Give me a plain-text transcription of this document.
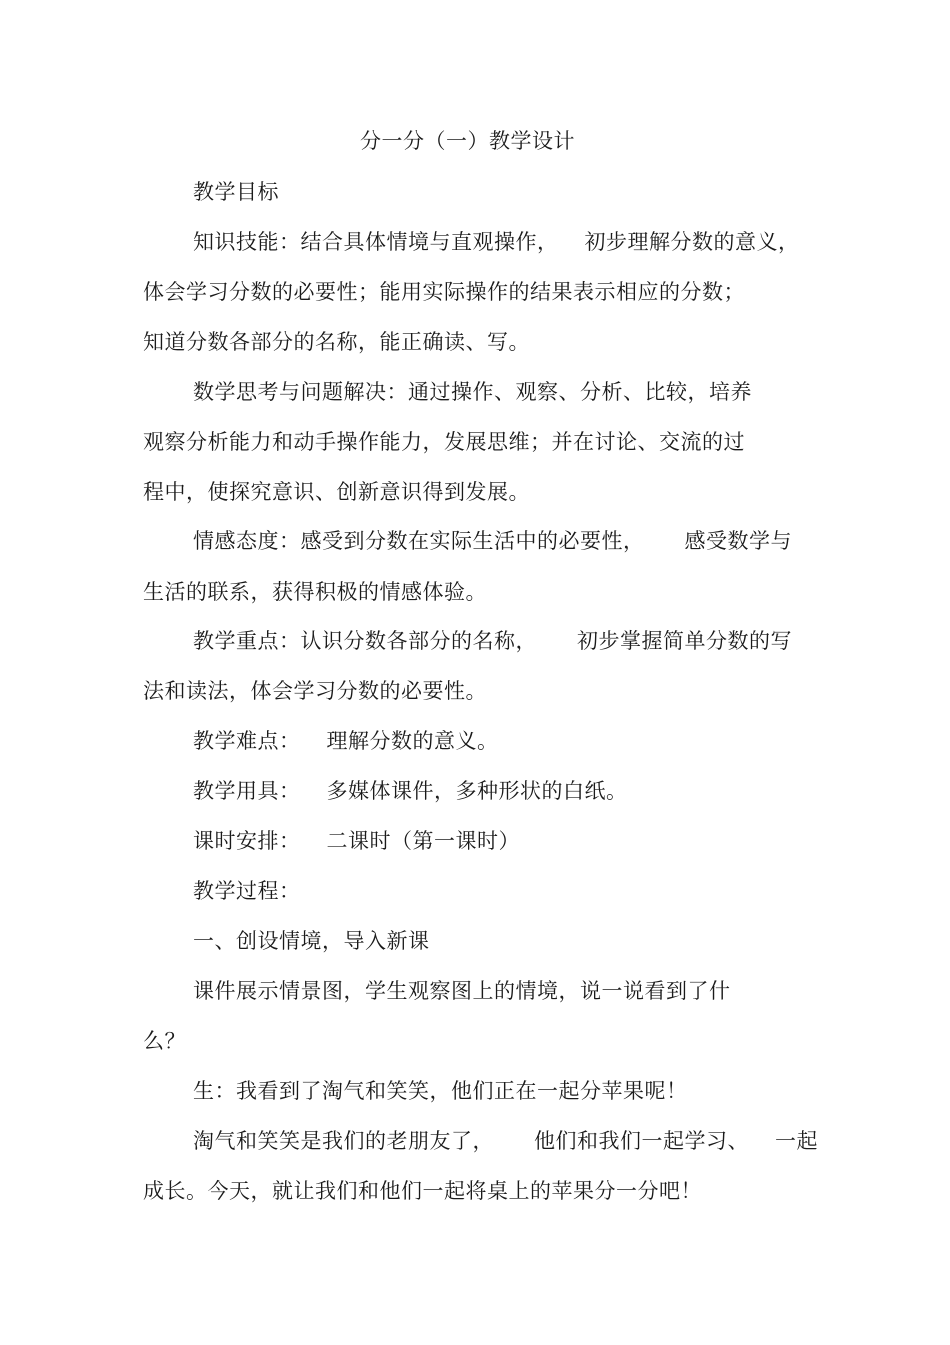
分一分（一）教学设计
教学目标
知识技能：结合具体情境与直观操作， 初步理解分数的意义，
体会学习分数的必要性；能用实际操作的结果表示相应的分数；
知道分数各部分的名称，能正确读、写。
数学思考与问题解决：通过操作、观察、分析、比较，培养
观察分析能力和动手操作能力，发展思维；并在讨论、交流的过
程中，使探究意识、创新意识得到发展。
情感态度：感受到分数在实际生活中的必要性， 感受数学与
生活的联系，获得积极的情感体验。
教学重点：认识分数各部分的名称， 初步掌握简单分数的写
法和读法，体会学习分数的必要性。
教学难点： 理解分数的意义。
教学用具： 多媒体课件，多种形状的白纸。
课时安排： 二课时（第一课时）
教学过程：
一、创设情境，导入新课
课件展示情景图，学生观察图上的情境，说一说看到了什
么？
生：我看到了淘气和笑笑，他们正在一起分苹果呢！
淘气和笑笑是我们的老朋友了， 他们和我们一起学习、 一起
成长。今天，就让我们和他们一起将桌上的苹果分一分吧！
